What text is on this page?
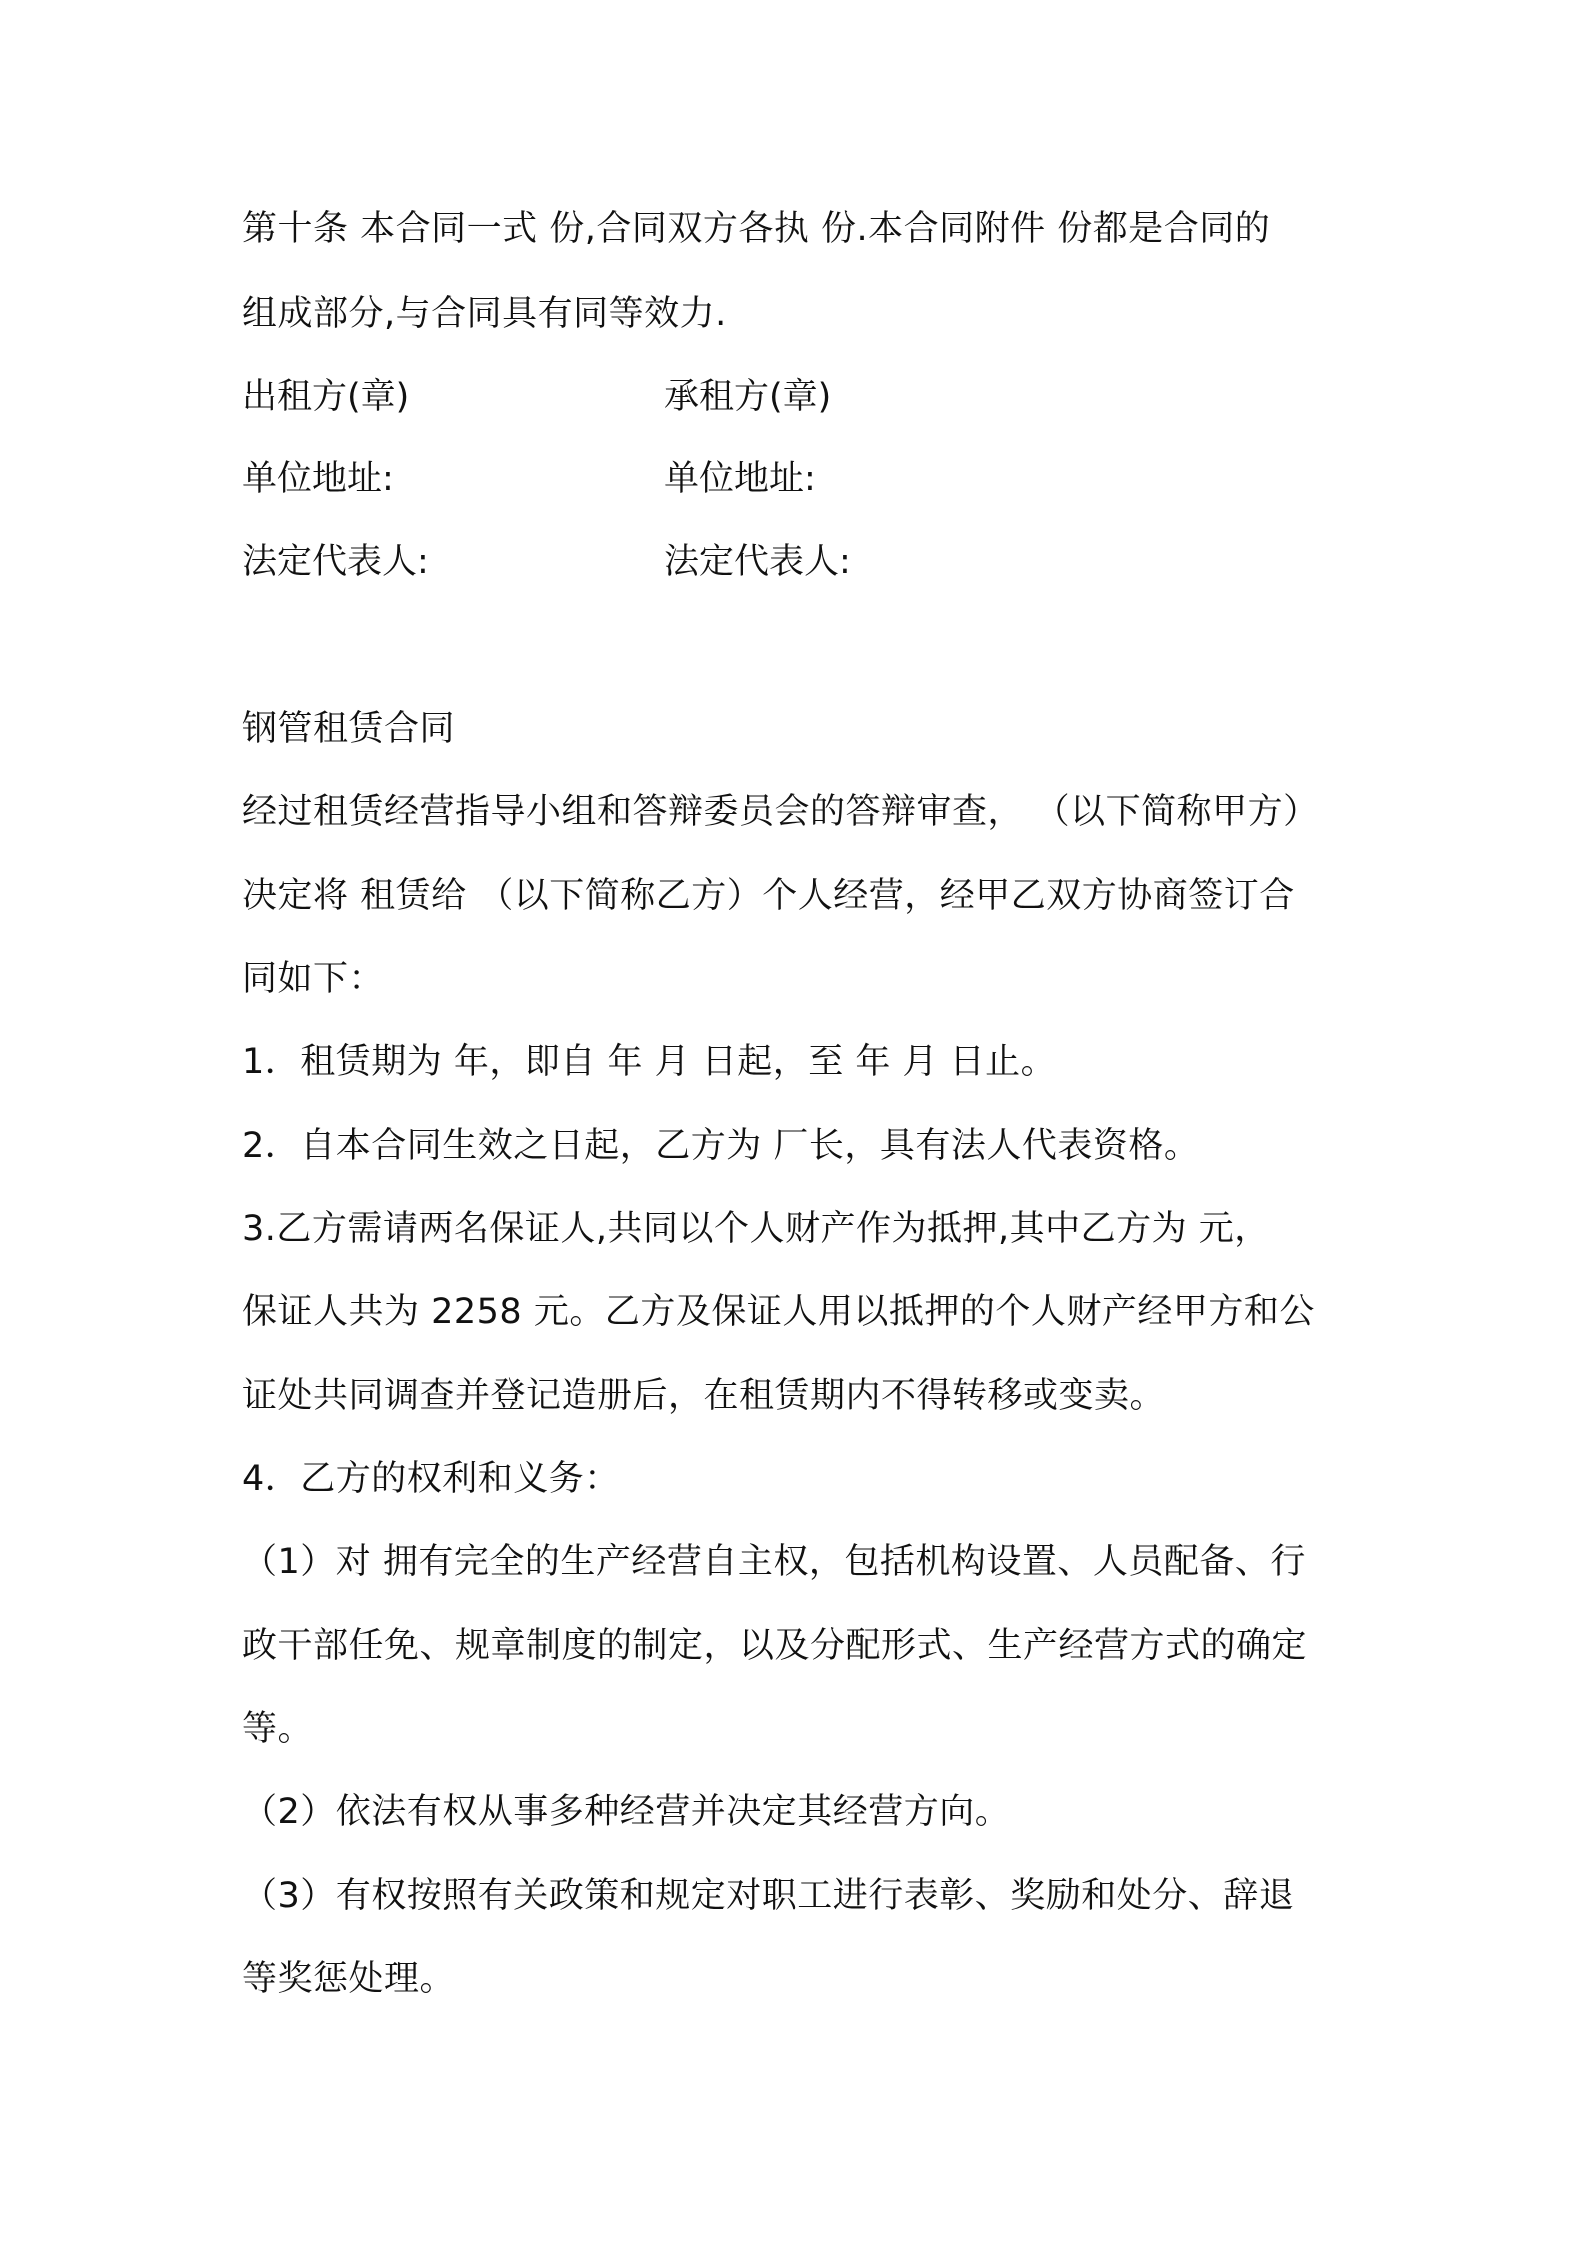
第十条 本合同一式 份,合同双方各执 份.本合同附件 份都是合同的
组成部分,与合同具有同等效力.
出租方(章)	承租方(章)
单位地址:	单位地址:
法定代表人:	法定代表人:
钢管租赁合同
经过租赁经营指导小组和答辩委员会的答辩审查， （以下简称甲方）
决定将 租赁给 （以下简称乙方）个人经营，经甲乙双方协商签订合
同如下：
1．租赁期为 年，即自 年 月 日起，至 年 月 日止。
2．自本合同生效之日起，乙方为 厂长，具有法人代表资格。
3.乙方需请两名保证人,共同以个人财产作为抵押,其中乙方为 元，
保证人共为 2258 元。乙方及保证人用以抵押的个人财产经甲方和公
证处共同调查并登记造册后，在租赁期内不得转移或变卖。
4．乙方的权利和义务：
（1）对 拥有完全的生产经营自主权，包括机构设置、人员配备、行
政干部任免、规章制度的制定，以及分配形式、生产经营方式的确定
等。
（2）依法有权从事多种经营并决定其经营方向。
（3）有权按照有关政策和规定对职工进行表彰、奖励和处分、辞退
等奖惩处理。
